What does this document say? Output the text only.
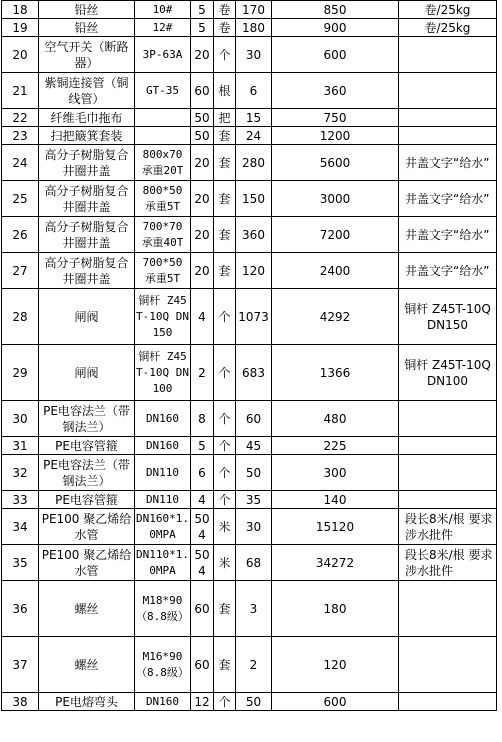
18	铅丝	10#	5	卷	170	850	卷/25kg
19	铅丝	12#	5	卷	180	900	卷/25kg
20	空气开关（断路器）	3P-63A	20	个	30	600	
21	紫铜连接管（铜线管）	GT-35	60	根	6	360	
22	纤维毛巾拖布		50	把	15	750	
23	扫把簸箕套装		50	套	24	1200	
24	高分子树脂复合井圈井盖	800x70 承重20T	20	套	280	5600	井盖文字“给水”
25	高分子树脂复合井圈井盖	800*50 承重5T	20	套	150	3000	井盖文字“给水”
26	高分子树脂复合井圈井盖	700*70 承重40T	20	套	360	7200	井盖文字“给水”
27	高分子树脂复合井圈井盖	700*50 承重5T	20	套	120	2400	井盖文字“给水”
28	闸阀	铜杆 Z45T-10Q DN150	4	个	1073	4292	铜杆 Z45T-10Q DN150
29	闸阀	铜杆 Z45T-10Q DN100	2	个	683	1366	铜杆 Z45T-10Q DN100
30	PE电容法兰（带钢法兰）	DN160	8	个	60	480	
31	PE电容管箍	DN160	5	个	45	225	
32	PE电容法兰（带钢法兰）	DN110	6	个	50	300	
33	PE电容管箍	DN110	4	个	35	140	
34	PE100 聚乙烯给水管	DN160*1.0MPA	504	米	30	15120	段长8米/根 要求涉水批件
35	PE100 聚乙烯给水管	DN110*1.0MPA	504	米	68	34272	段长8米/根 要求涉水批件
36	螺丝	M18*90 （8.8级）	60	套	3	180	
37	螺丝	M16*90 （8.8级）	60	套	2	120	
38	PE电熔弯头	DN160	12	个	50	600	
